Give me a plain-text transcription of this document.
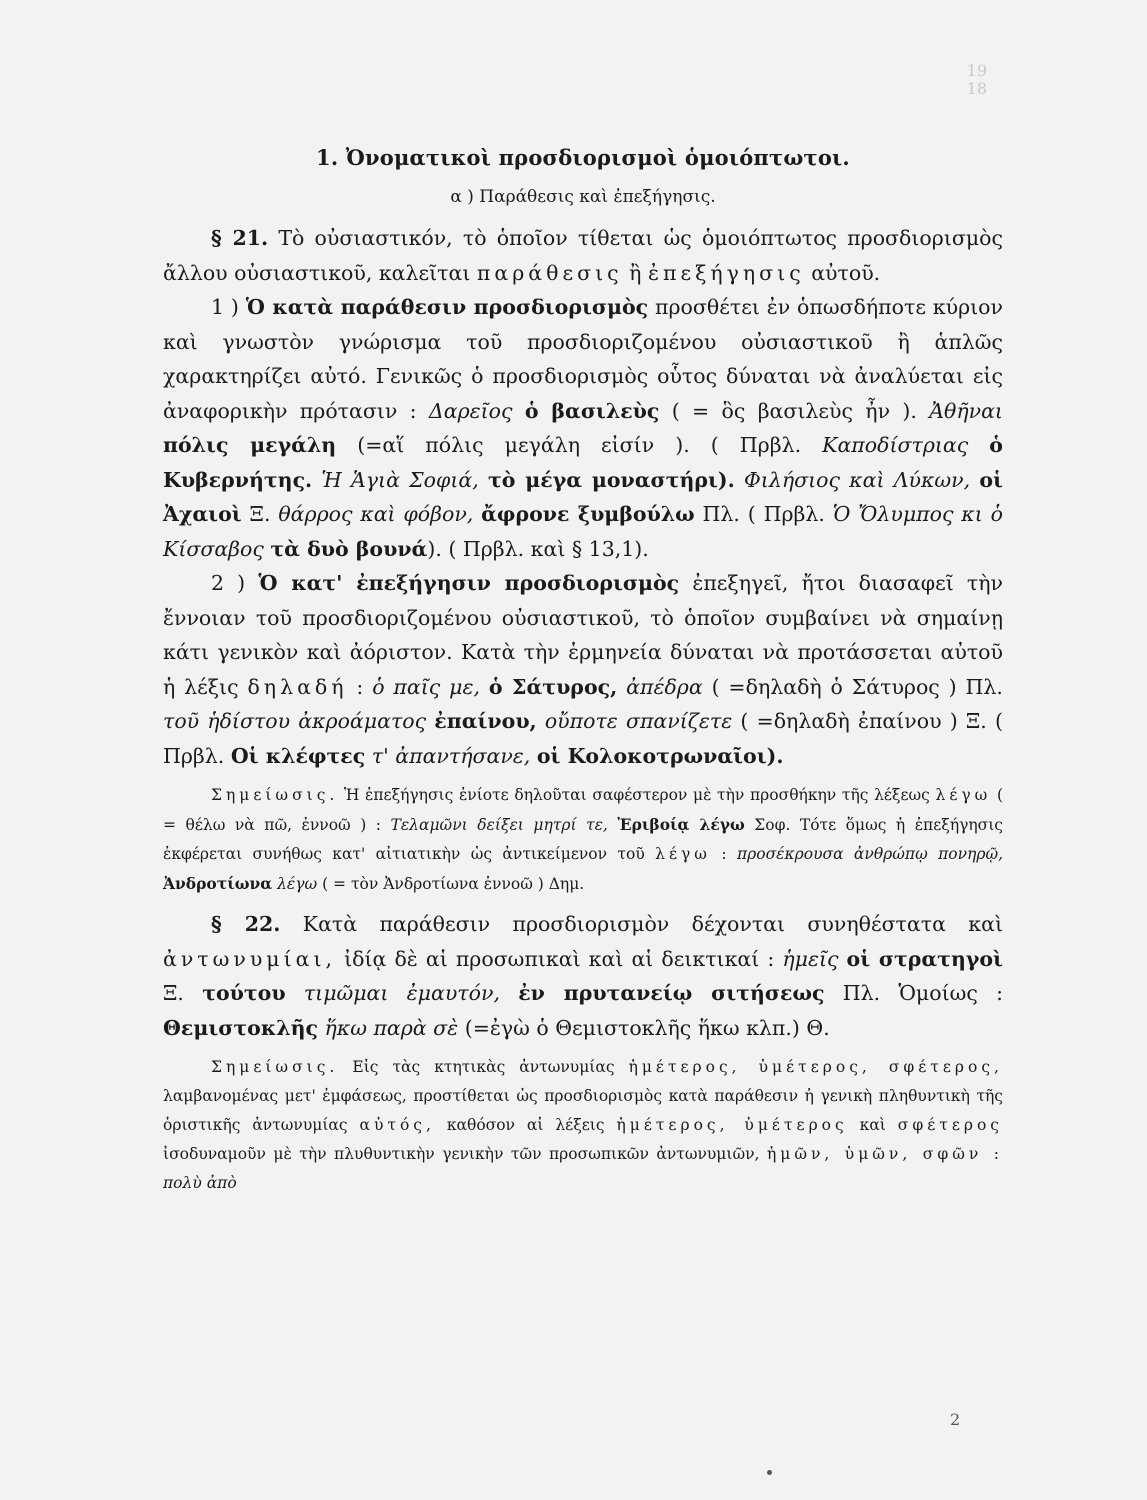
19
18
1. Ὀνοματικοὶ προσδιορισμοὶ ὁμοιόπτωτοι.
α ) Παράθεσις καὶ ἐπεξήγησις.

§ 21. Τὸ οὐσιαστικόν, τὸ ὁποῖον τίθεται ὡς ὁμοιόπτωτος προσδιορισμὸς ἄλλου οὐσιαστικοῦ, καλεῖται παράθεσις ἢ ἐπεξήγησις αὐτοῦ.

1 ) Ὁ κατὰ παράθεσιν προσδιορισμὸς προσθέτει ἐν ὁπωσδήποτε κύριον καὶ γνωστὸν γνώρισμα τοῦ προσδιοριζομένου οὐσιαστικοῦ ἢ ἁπλῶς χαρακτηρίζει αὐτό. Γενικῶς ὁ προσδιορισμὸς οὗτος δύναται νὰ ἀναλύεται εἰς ἀναφορικὴν πρότασιν : Δαρεῖος ὁ βασιλεὺς ( = ὃς βασιλεὺς ἦν ). Ἀθῆναι πόλις μεγάλη (=αἵ πόλις μεγάλη εἰσίν ). ( Πρβλ. Καποδίστριας ὁ Κυβερνήτης. Ἡ Ἁγιὰ Σοφιά, τὸ μέγα μοναστήρι). Φιλήσιος καὶ Λύκων, οἱ Ἀχαιοὶ Ξ. θάρρος καὶ φόβον, ἄφρονε ξυμβούλω Πλ. ( Πρβλ. Ὁ Ὄλυμπος κι ὁ Κίσσαβος τὰ δυὸ βουνά). ( Πρβλ. καὶ § 13,1).

2 ) Ὁ κατ' ἐπεξήγησιν προσδιορισμὸς ἐπεξηγεῖ, ἤτοι διασαφεῖ τὴν ἔννοιαν τοῦ προσδιοριζομένου οὐσιαστικοῦ, τὸ ὁποῖον συμβαίνει νὰ σημαίνῃ κάτι γενικὸν καὶ ἀόριστον. Κατὰ τὴν ἑρμηνεία δύναται νὰ προτάσσεται αὐτοῦ ἡ λέξις δηλαδή : ὁ παῖς με, ὁ Σάτυρος, ἀπέδρα ( =δηλαδὴ ὁ Σάτυρος ) Πλ. τοῦ ἡδίστου ἀκροάματος ἐπαίνου, οὔποτε σπανίζετε ( =δηλαδὴ ἐπαίνου ) Ξ. ( Πρβλ. Οἱ κλέφτες τ' ἀπαντήσανε, οἱ Κολοκοτρωναῖοι).

Σημείωσις. Ἡ ἐπεξήγησις ἐνίοτε δηλοῦται σαφέστερον μὲ τὴν προσθήκην τῆς λέξεως λέγω ( = θέλω νὰ πῶ, ἐννοῶ ) : Τελαμῶνι δείξει μητρί τε, Ἐριβοίᾳ λέγω Σοφ. Τότε ὅμως ἡ ἐπεξήγησις ἐκφέρεται συνήθως κατ' αἰτιατικὴν ὡς ἀντικείμενον τοῦ λέγω : προσέκρουσα ἀνθρώπῳ πονηρῷ, Ἀνδροτίωνα λέγω ( = τὸν Ἀνδροτίωνα ἐννοῶ ) Δημ.

§ 22. Κατὰ παράθεσιν προσδιορισμὸν δέχονται συνηθέστατα καὶ ἀντωνυμίαι, ἰδίᾳ δὲ αἱ προσωπικαὶ καὶ αἱ δεικτικαί : ἡμεῖς οἱ στρατηγοὶ Ξ. τούτου τιμῶμαι ἐμαυτόν, ἐν πρυτανείῳ σιτήσεως Πλ. Ὁμοίως : Θεμιστοκλῆς ἥκω παρὰ σὲ (=ἐγὼ ὁ Θεμιστοκλῆς ἥκω κλπ.) Θ.

Σημείωσις. Εἰς τὰς κτητικὰς ἀντωνυμίας ἡμέτερος, ὑμέτερος, σφέτερος, λαμβανομένας μετ' ἐμφάσεως, προστίθεται ὡς προσδιορισμὸς κατὰ παράθεσιν ἡ γενικὴ πληθυντικὴ τῆς ὁριστικῆς ἀντωνυμίας αὐτός, καθόσον αἱ λέξεις ἡμέτερος, ὑμέτερος καὶ σφέτερος ἰσοδυναμοῦν μὲ τὴν πλυθυντικὴν γενικὴν τῶν προσωπικῶν ἀντωνυμιῶν, ἡμῶν, ὑμῶν, σφῶν : πολὺ ἀπὸ

2
